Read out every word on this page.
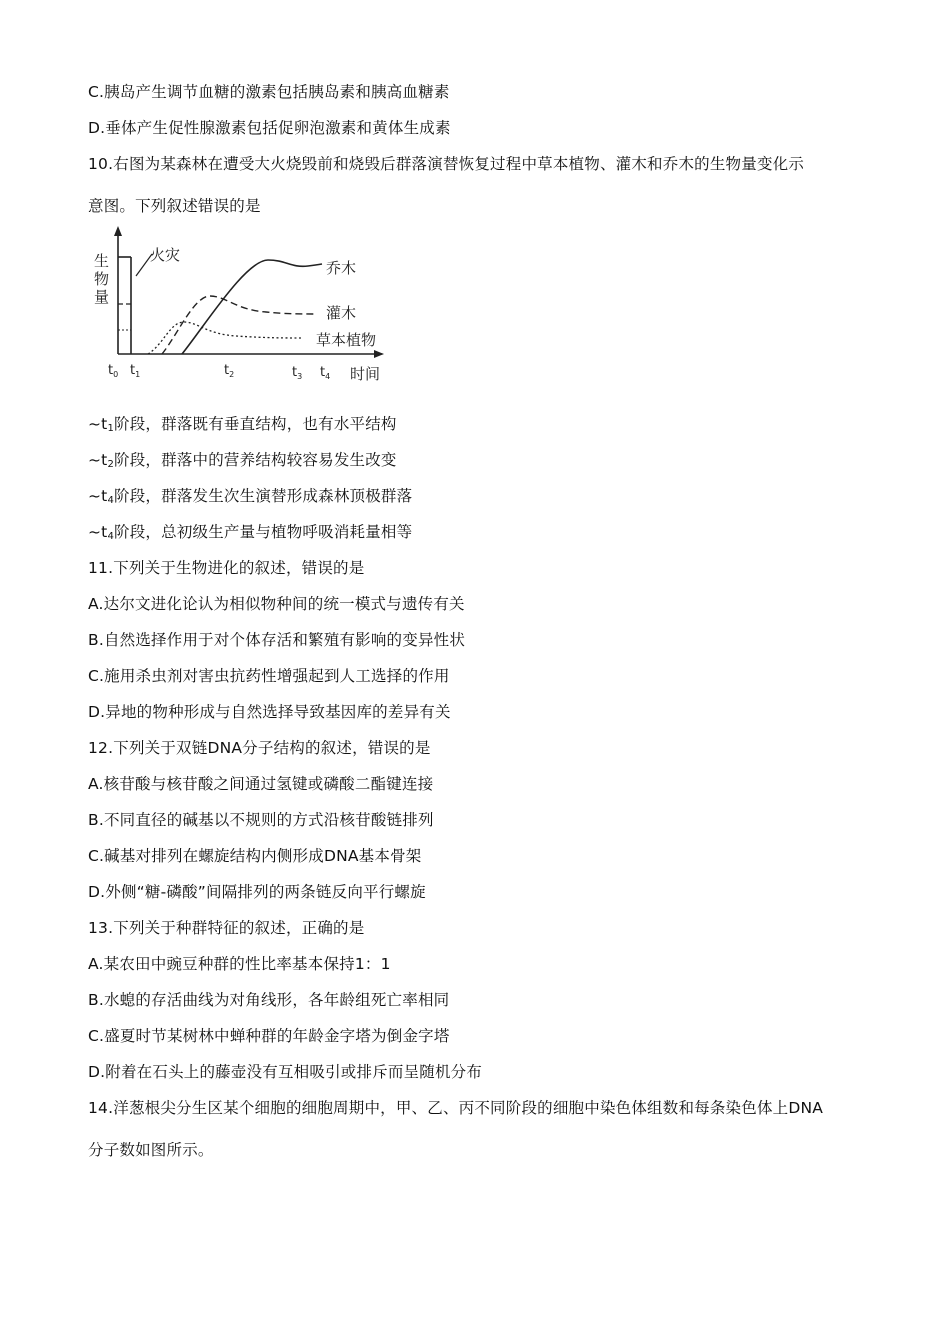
C.胰岛产生调节血糖的激素包括胰岛素和胰高血糖素
D.垂体产生促性腺激素包括促卵泡激素和黄体生成素
10.右图为某森林在遭受大火烧毁前和烧毁后群落演替恢复过程中草本植物、灌木和乔木的生物量变化示
意图。下列叙述错误的是
生 物 量
火灾
乔木
灌木
草本植物
$t_0$ $t_1$	$t_2$	$t_3$ $t_4$ 时间
$\sim t_1$阶段，群落既有垂直结构，也有水平结构
$\sim t_2$阶段，群落中的营养结构较容易发生改变
$\sim t_4$阶段，群落发生次生演替形成森林顶极群落
$\sim t_4$阶段，总初级生产量与植物呼吸消耗量相等
11.下列关于生物进化的叙述，错误的是
A.达尔文进化论认为相似物种间的统一模式与遗传有关
B.自然选择作用于对个体存活和繁殖有影响的变异性状
C.施用杀虫剂对害虫抗药性增强起到人工选择的作用
D.异地的物种形成与自然选择导致基因库的差异有关
12.下列关于双链DNA分子结构的叙述，错误的是
A.核苷酸与核苷酸之间通过氢键或磷酸二酯键连接
B.不同直径的碱基以不规则的方式沿核苷酸链排列
C.碱基对排列在螺旋结构内侧形成DNA基本骨架
D.外侧“糖-磷酸”间隔排列的两条链反向平行螺旋
13.下列关于种群特征的叙述，正确的是
A.某农田中豌豆种群的性比率基本保持1：1
B.水螅的存活曲线为对角线形，各年龄组死亡率相同
C.盛夏时节某树林中蝉种群的年龄金字塔为倒金字塔
D.附着在石头上的藤壶没有互相吸引或排斥而呈随机分布
14.洋葱根尖分生区某个细胞的细胞周期中，甲、乙、丙不同阶段的细胞中染色体组数和每条染色体上DNA
分子数如图所示。
